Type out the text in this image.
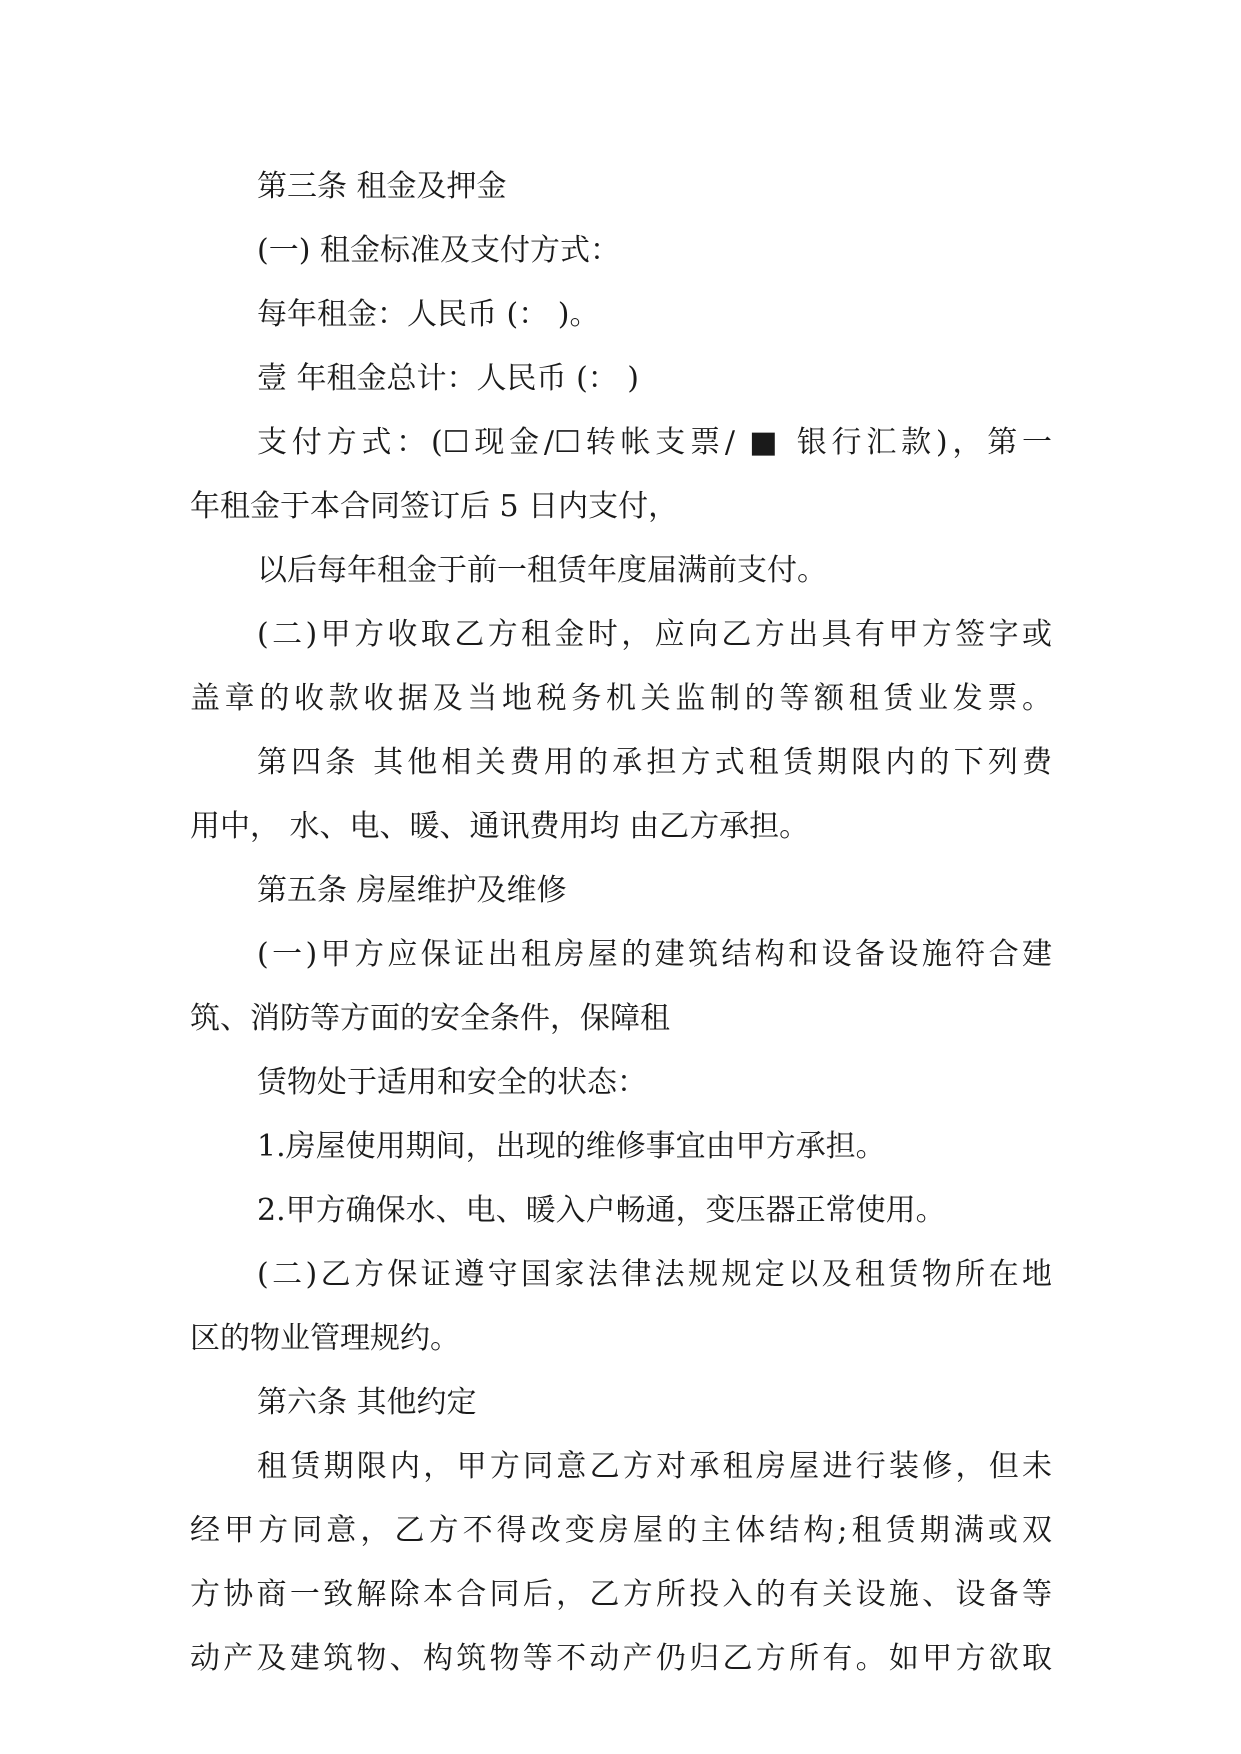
第三条 租金及押金
(一) 租金标准及支付方式：
每年租金：人民币 (： )。
壹 年租金总计：人民币 (： )
支付方式：(☐现金/☐转帐支票/ ■ 银行汇款)，第一
年租金于本合同签订后 5 日内支付，
以后每年租金于前一租赁年度届满前支付。
(二)甲方收取乙方租金时，应向乙方出具有甲方签字或
盖章的收款收据及当地税务机关监制的等额租赁业发票。
第四条 其他相关费用的承担方式租赁期限内的下列费
用中， 水、电、暖、通讯费用均 由乙方承担。
第五条 房屋维护及维修
(一)甲方应保证出租房屋的建筑结构和设备设施符合建
筑、消防等方面的安全条件，保障租
赁物处于适用和安全的状态：
1.房屋使用期间，出现的维修事宜由甲方承担。
2.甲方确保水、电、暖入户畅通，变压器正常使用。
(二)乙方保证遵守国家法律法规规定以及租赁物所在地
区的物业管理规约。
第六条 其他约定
租赁期限内，甲方同意乙方对承租房屋进行装修，但未
经甲方同意，乙方不得改变房屋的主体结构;租赁期满或双
方协商一致解除本合同后，乙方所投入的有关设施、设备等
动产及建筑物、构筑物等不动产仍归乙方所有。如甲方欲取
